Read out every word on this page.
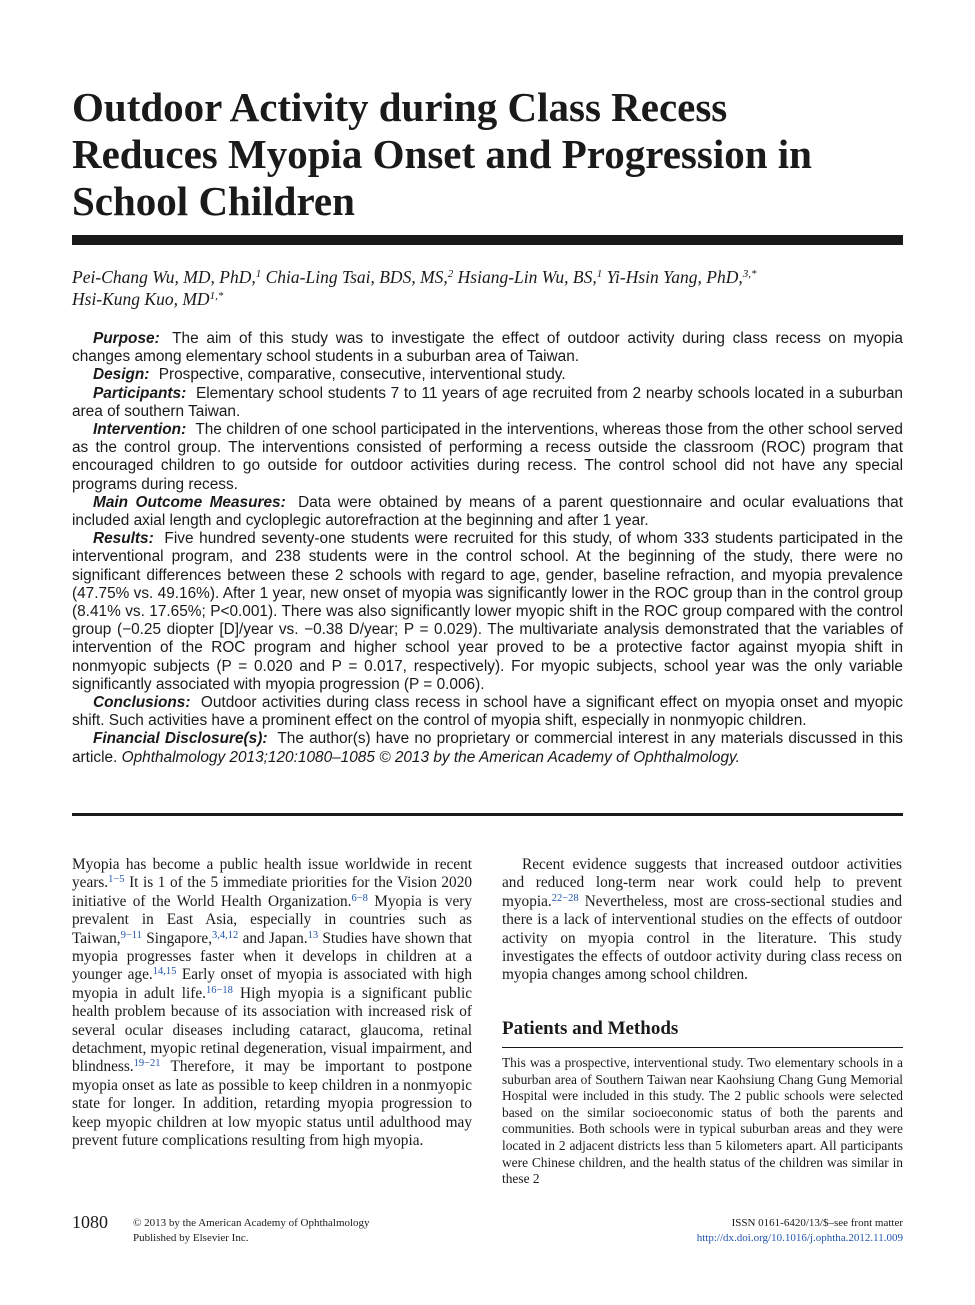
Outdoor Activity during Class Recess
Reduces Myopia Onset and Progression in
School Children
Pei-Chang Wu, MD, PhD,$^1$ Chia-Ling Tsai, BDS, MS,$^2$ Hsiang-Lin Wu, BS,$^1$ Yi-Hsin Yang, PhD,$^{3,*}$
Hsi-Kung Kuo, $MD^{1,*}$

Purpose: The aim of this study was to investigate the effect of outdoor activity during class recess on myopia changes among elementary school students in a suburban area of Taiwan.

Design: Prospective, comparative, consecutive, interventional study.

Participants: Elementary school students 7 to 11 years of age recruited from 2 nearby schools located in a suburban area of southern Taiwan.

Intervention: The children of one school participated in the interventions, whereas those from the other school served as the control group. The interventions consisted of performing a recess outside the classroom (ROC) program that encouraged children to go outside for outdoor activities during recess. The control school did not have any special programs during recess.

Main Outcome Measures: Data were obtained by means of a parent questionnaire and ocular evaluations that included axial length and cycloplegic autorefraction at the beginning and after 1 year.

Results: Five hundred seventy-one students were recruited for this study, of whom 333 students participated in the interventional program, and 238 students were in the control school. At the beginning of the study, there were no significant differences between these 2 schools with regard to age, gender, baseline refraction, and myopia prevalence (47.75% vs. 49.16%). After 1 year, new onset of myopia was significantly lower in the ROC group than in the control group (8.41% vs. 17.65%; P<0.001). There was also significantly lower myopic shift in the ROC group compared with the control group (−0.25 diopter [D]/year vs. −0.38 D/year; P = 0.029). The multivariate analysis demonstrated that the variables of intervention of the ROC program and higher school year proved to be a protective factor against myopia shift in nonmyopic subjects (P = 0.020 and P = 0.017, respectively). For myopic subjects, school year was the only variable significantly associated with myopia progression (P = 0.006).

Conclusions: Outdoor activities during class recess in school have a significant effect on myopia onset and myopic shift. Such activities have a prominent effect on the control of myopia shift, especially in nonmyopic children.

Financial Disclosure(s): The author(s) have no proprietary or commercial interest in any materials discussed in this article. Ophthalmology 2013;120:1080–1085 © 2013 by the American Academy of Ophthalmology.

Myopia has become a public health issue worldwide in recent years.$^{1-5}$ It is 1 of the 5 immediate priorities for the Vision 2020 initiative of the World Health Organization.$^{6-8}$ Myopia is very prevalent in East Asia, especially in countries such as Taiwan,$^{9-11}$ Singapore,$^{3,4,12}$ and Japan.$^{13}$ Studies have shown that myopia progresses faster when it develops in children at a younger age.$^{14,15}$ Early onset of myopia is associated with high myopia in adult life.$^{16-18}$ High myopia is a significant public health problem because of its association with increased risk of several ocular diseases including cataract, glaucoma, retinal detachment, myopic retinal degeneration, visual impairment, and blindness.$^{19-21}$ Therefore, it may be important to postpone myopia onset as late as possible to keep children in a nonmyopic state for longer. In addition, retarding myopia progression to keep myopic children at low myopic status until adulthood may prevent future complications resulting from high myopia.

Recent evidence suggests that increased outdoor activities and reduced long-term near work could help to prevent myopia.$^{22-28}$ Nevertheless, most are cross-sectional studies and there is a lack of interventional studies on the effects of outdoor activity on myopia control in the literature. This study investigates the effects of outdoor activity during class recess on myopia changes among school children.

Patients and Methods

This was a prospective, interventional study. Two elementary schools in a suburban area of Southern Taiwan near Kaohsiung Chang Gung Memorial Hospital were included in this study. The 2 public schools were selected based on the similar socioeconomic status of both the parents and communities. Both schools were in typical suburban areas and they were located in 2 adjacent districts less than 5 kilometers apart. All participants were Chinese children, and the health status of the children was similar in these 2

1080 © 2013 by the American Academy of Ophthalmology
Published by Elsevier Inc.
ISSN 0161-6420/13/$–see front matter
http://dx.doi.org/10.1016/j.ophtha.2012.11.009
